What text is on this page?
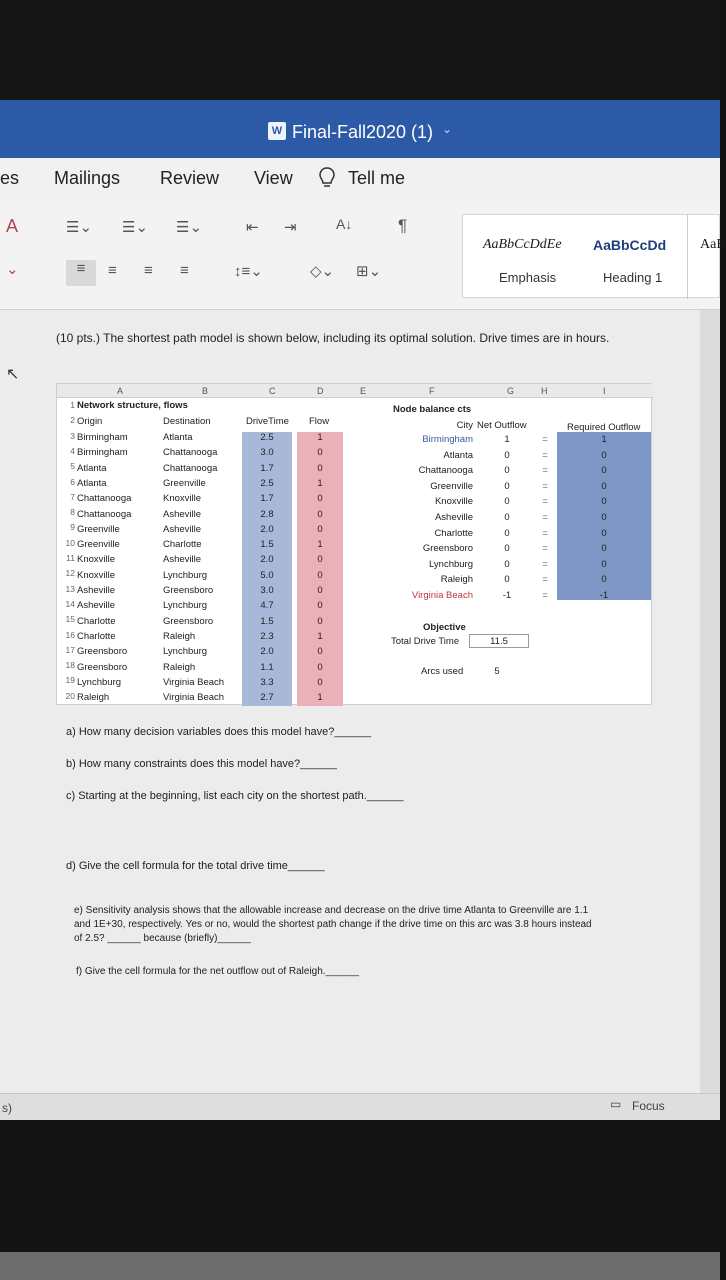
W Final-Fall2020 (1) ⌄
es Mailings Review View	Tell me
A
⌄
☰⌄ ☰⌄ ☰⌄	⇤ ⇥	A↓	¶
≡	≡ ≡ ≡	↕≡⌄	◇⌄ ⊞⌄
AaBbCcDdEe
Emphasis
AaBbCcDd
Heading 1
AaB
(10 pts.) The shortest path model is shown below, including its optimal solution. Drive times are in hours.
↖
A	B	C	D	E	F	G	H	I
Network structure, flows
Origin	Destination	DriveTime Flow
Node balance cts
City Net Outflow	Required Outflow
Birmingham	Atlanta	2.5	1
Birmingham	Chattanooga	3.0	0
Atlanta	Chattanooga	1.7	0
Atlanta	Greenville	2.5	1
Chattanooga	Knoxville	1.7	0
Chattanooga	Asheville	2.8	0
Greenville	Asheville	2.0	0
Greenville	Charlotte	1.5	1
Knoxville	Asheville	2.0	0
Knoxville	Lynchburg	5.0	0
Asheville	Greensboro	3.0	0
Asheville	Lynchburg	4.7	0
Charlotte	Greensboro	1.5	0
Charlotte	Raleigh	2.3	1
Greensboro	Lynchburg	2.0	0
Greensboro	Raleigh	1.1	0
Lynchburg	Virginia Beach	3.3	0
Raleigh	Virginia Beach	2.7	1
Birmingham	1	=	1
Atlanta	0	=	0
Chattanooga	0	=	0
Greenville	0	=	0
Knoxville	0	=	0
Asheville	0	=	0
Charlotte	0	=	0
Greensboro	0	=	0
Lynchburg	0	=	0
Raleigh	0	=	0
Virginia Beach	-1	=	-1
1
2
3
4
5
6
7
8
9
10
11
12
13
14
15
16
17
18
19
20
Objective
Total Drive Time	11.5
Arcs used	5
a) How many decision variables does this model have?______
b) How many constraints does this model have?______
c) Starting at the beginning, list each city on the shortest path.______
d) Give the cell formula for the total drive time______
e) Sensitivity analysis shows that the allowable increase and decrease on the drive time Atlanta to Greenville are 1.1 and 1E+30, respectively. Yes or no, would the shortest path change if the drive time on this arc was 3.8 hours instead of 2.5? ______ because (briefly)______
f) Give the cell formula for the net outflow out of Raleigh.______
s)	▭ Focus
